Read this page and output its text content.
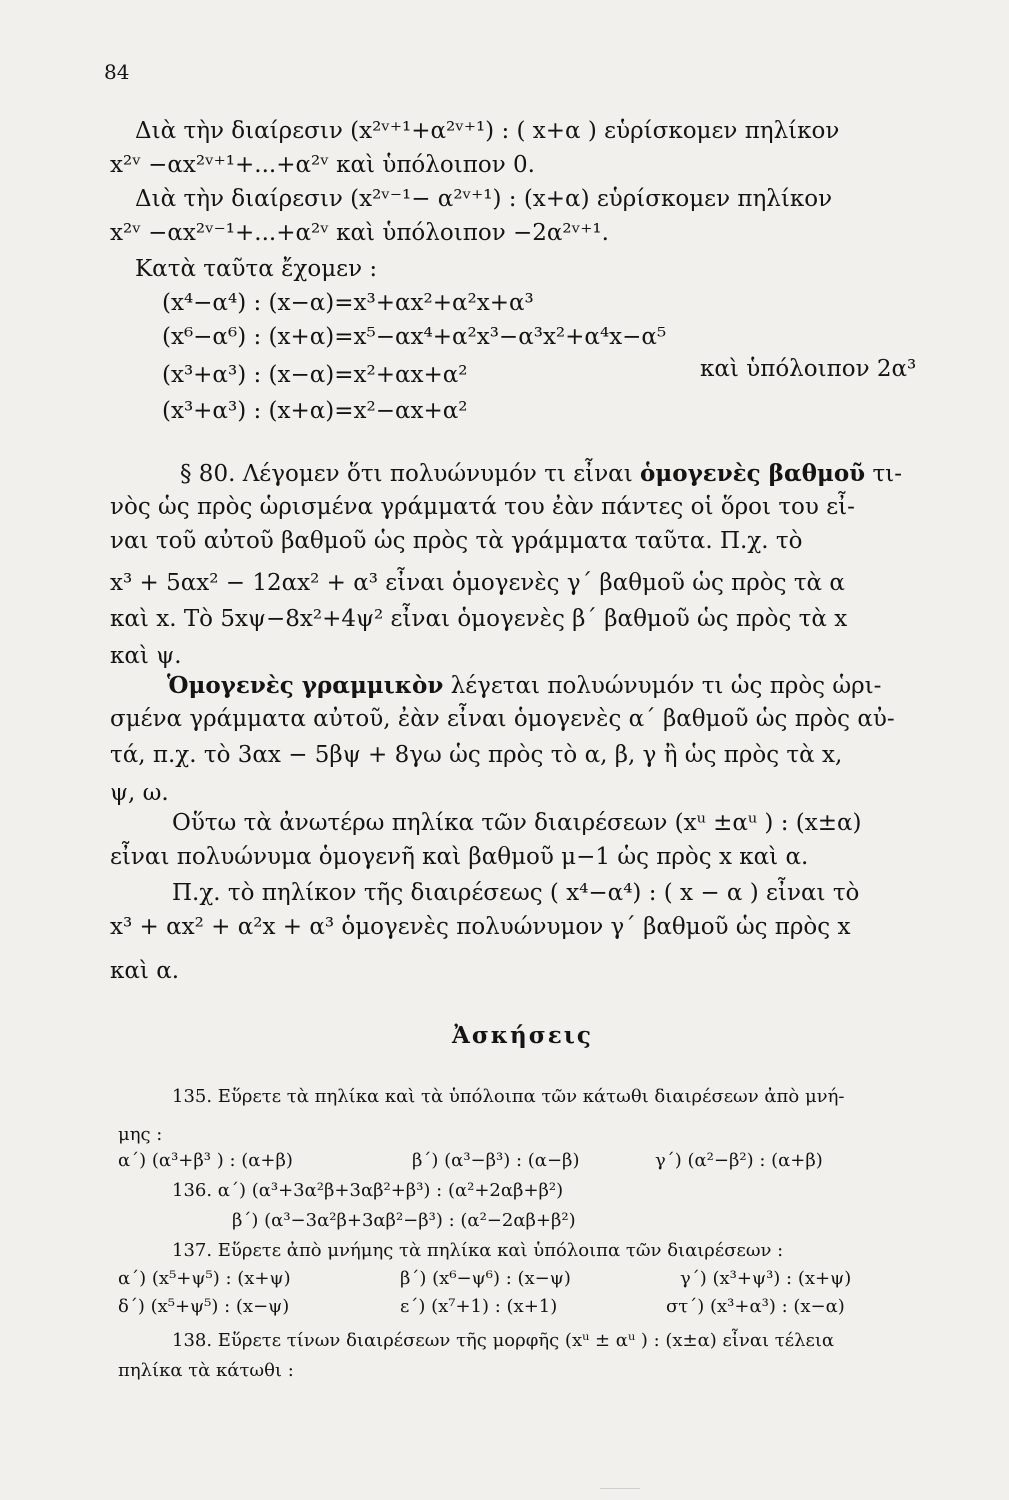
84
Διὰ τὴν διαίρεσιν (x²ᵛ⁺¹+α²ᵛ⁺¹) : ( x+α ) εὑρίσκομεν πηλίκον
x²ᵛ −αx²ᵛ⁺¹+...+α²ᵛ καὶ ὑπόλοιπον 0.
Διὰ τὴν διαίρεσιν (x²ᵛ⁻¹− α²ᵛ⁺¹) : (x+α) εὑρίσκομεν πηλίκον
x²ᵛ −αx²ᵛ⁻¹+...+α²ᵛ καὶ ὑπόλοιπον −2α²ᵛ⁺¹.
Κατὰ ταῦτα ἔχομεν :
(x⁴−α⁴) : (x−α)=x³+αx²+α²x+α³
(x⁶−α⁶) : (x+α)=x⁵−αx⁴+α²x³−α³x²+α⁴x−α⁵
(x³+α³) : (x−α)=x²+αx+α²	καὶ ὑπόλοιπον 2α³
(x³+α³) : (x+α)=x²−αx+α²
§ 80. Λέγομεν ὅτι πολυώνυμόν τι εἶναι ὁμογενὲς βαθμοῦ τι-
νὸς ὡς πρὸς ὡρισμένα γράμματά του ἐὰν πάντες οἱ ὅροι του εἶ-
ναι τοῦ αὐτοῦ βαθμοῦ ὡς πρὸς τὰ γράμματα ταῦτα. Π.χ. τὸ
x³ + 5αx² − 12αx² + α³ εἶναι ὁμογενὲς γ΄ βαθμοῦ ὡς πρὸς τὰ α
καὶ x. Τὸ 5xψ−8x²+4ψ² εἶναι ὁμογενὲς β΄ βαθμοῦ ὡς πρὸς τὰ x
καὶ ψ.
Ὁμογενὲς γραμμικὸν λέγεται πολυώνυμόν τι ὡς πρὸς ὡρι-
σμένα γράμματα αὐτοῦ, ἐὰν εἶναι ὁμογενὲς α΄ βαθμοῦ ὡς πρὸς αὐ-
τά, π.χ. τὸ 3αx − 5βψ + 8γω ὡς πρὸς τὸ α, β, γ ἢ ὡς πρὸς τὰ x,
ψ, ω.
Οὕτω τὰ ἀνωτέρω πηλίκα τῶν διαιρέσεων (xᵘ ±αᵘ ) : (x±α)
εἶναι πολυώνυμα ὁμογενῆ καὶ βαθμοῦ μ−1 ὡς πρὸς x καὶ α.
Π.χ. τὸ πηλίκον τῆς διαιρέσεως ( x⁴−α⁴) : ( x − α ) εἶναι τὸ
x³ + αx² + α²x + α³ ὁμογενὲς πολυώνυμον γ΄ βαθμοῦ ὡς πρὸς x
καὶ α.
Ἀσκήσεις
135. Εὕρετε τὰ πηλίκα καὶ τὰ ὑπόλοιπα τῶν κάτωθι διαιρέσεων ἀπὸ μνή-
μης :
α΄) (α³+β³ ) : (α+β)	β΄) (α³−β³) : (α−β)	γ΄) (α²−β²) : (α+β)
136. α΄) (α³+3α²β+3αβ²+β³) : (α²+2αβ+β²)
β΄) (α³−3α²β+3αβ²−β³) : (α²−2αβ+β²)
137. Εὕρετε ἀπὸ μνήμης τὰ πηλίκα καὶ ὑπόλοιπα τῶν διαιρέσεων :
α΄) (x⁵+ψ⁵) : (x+ψ)	β΄) (x⁶−ψ⁶) : (x−ψ)	γ΄) (x³+ψ³) : (x+ψ)
δ΄) (x⁵+ψ⁵) : (x−ψ)	ε΄) (x⁷+1) : (x+1)	στ΄) (x³+α³) : (x−α)
138. Εὕρετε τίνων διαιρέσεων τῆς μορφῆς (xᵘ ± αᵘ ) : (x±α) εἶναι τέλεια
πηλίκα τὰ κάτωθι :
